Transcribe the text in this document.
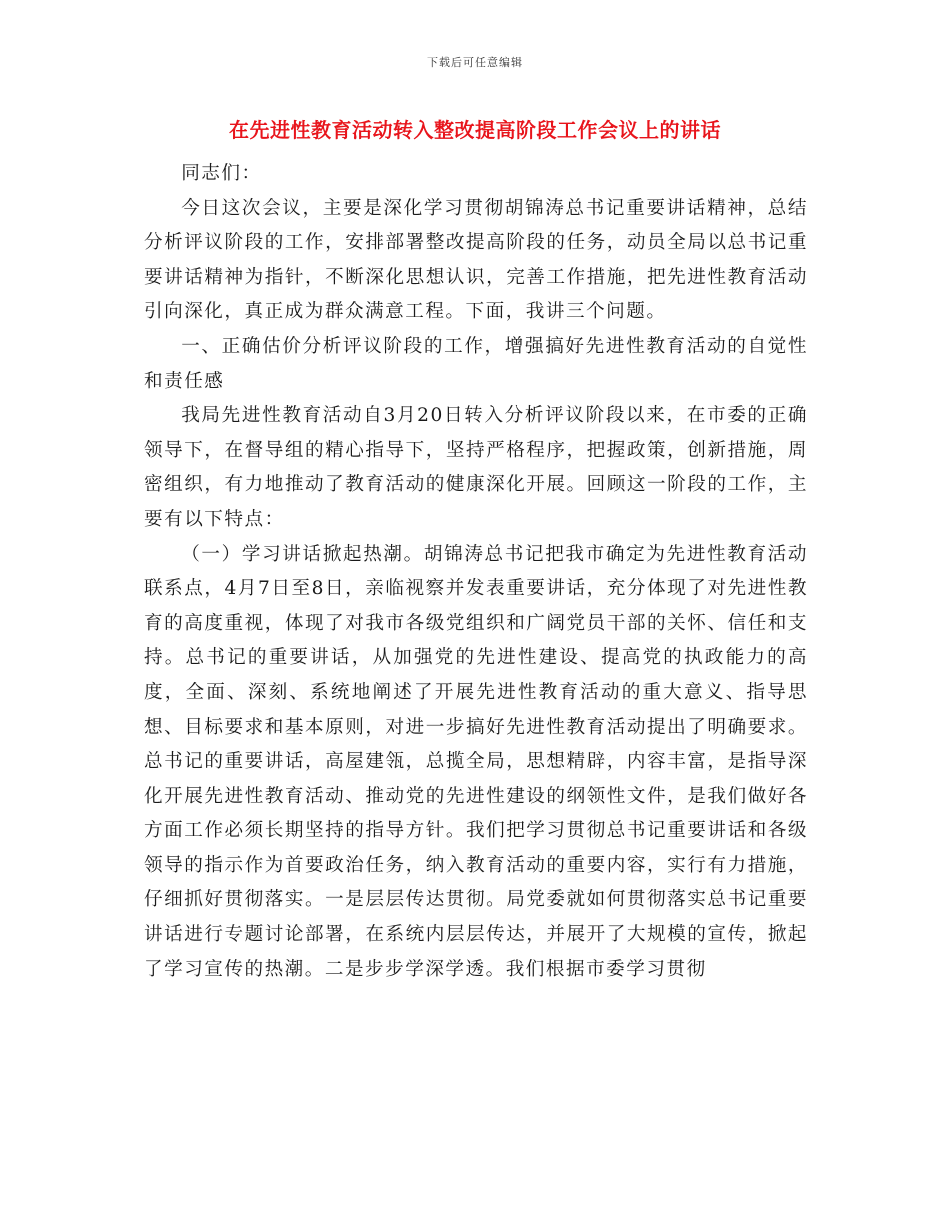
下载后可任意编辑
在先进性教育活动转入整改提高阶段工作会议上的讲话

同志们：

今日这次会议，主要是深化学习贯彻胡锦涛总书记重要讲话精神，总结分析评议阶段的工作，安排部署整改提高阶段的任务，动员全局以总书记重要讲话精神为指针，不断深化思想认识，完善工作措施，把先进性教育活动引向深化，真正成为群众满意工程。下面，我讲三个问题。

一、正确估价分析评议阶段的工作，增强搞好先进性教育活动的自觉性和责任感

我局先进性教育活动自3月20日转入分析评议阶段以来，在市委的正确领导下，在督导组的精心指导下，坚持严格程序，把握政策，创新措施，周密组织，有力地推动了教育活动的健康深化开展。回顾这一阶段的工作，主要有以下特点：

（一）学习讲话掀起热潮。胡锦涛总书记把我市确定为先进性教育活动联系点，4月7日至8日，亲临视察并发表重要讲话，充分体现了对先进性教育的高度重视，体现了对我市各级党组织和广阔党员干部的关怀、信任和支持。总书记的重要讲话，从加强党的先进性建设、提高党的执政能力的高度，全面、深刻、系统地阐述了开展先进性教育活动的重大意义、指导思想、目标要求和基本原则，对进一步搞好先进性教育活动提出了明确要求。总书记的重要讲话，高屋建瓴，总揽全局，思想精辟，内容丰富，是指导深化开展先进性教育活动、推动党的先进性建设的纲领性文件，是我们做好各方面工作必须长期坚持的指导方针。我们把学习贯彻总书记重要讲话和各级领导的指示作为首要政治任务，纳入教育活动的重要内容，实行有力措施，仔细抓好贯彻落实。一是层层传达贯彻。局党委就如何贯彻落实总书记重要讲话进行专题讨论部署，在系统内层层传达，并展开了大规模的宣传，掀起了学习宣传的热潮。二是步步学深学透。我们根据市委学习贯彻
